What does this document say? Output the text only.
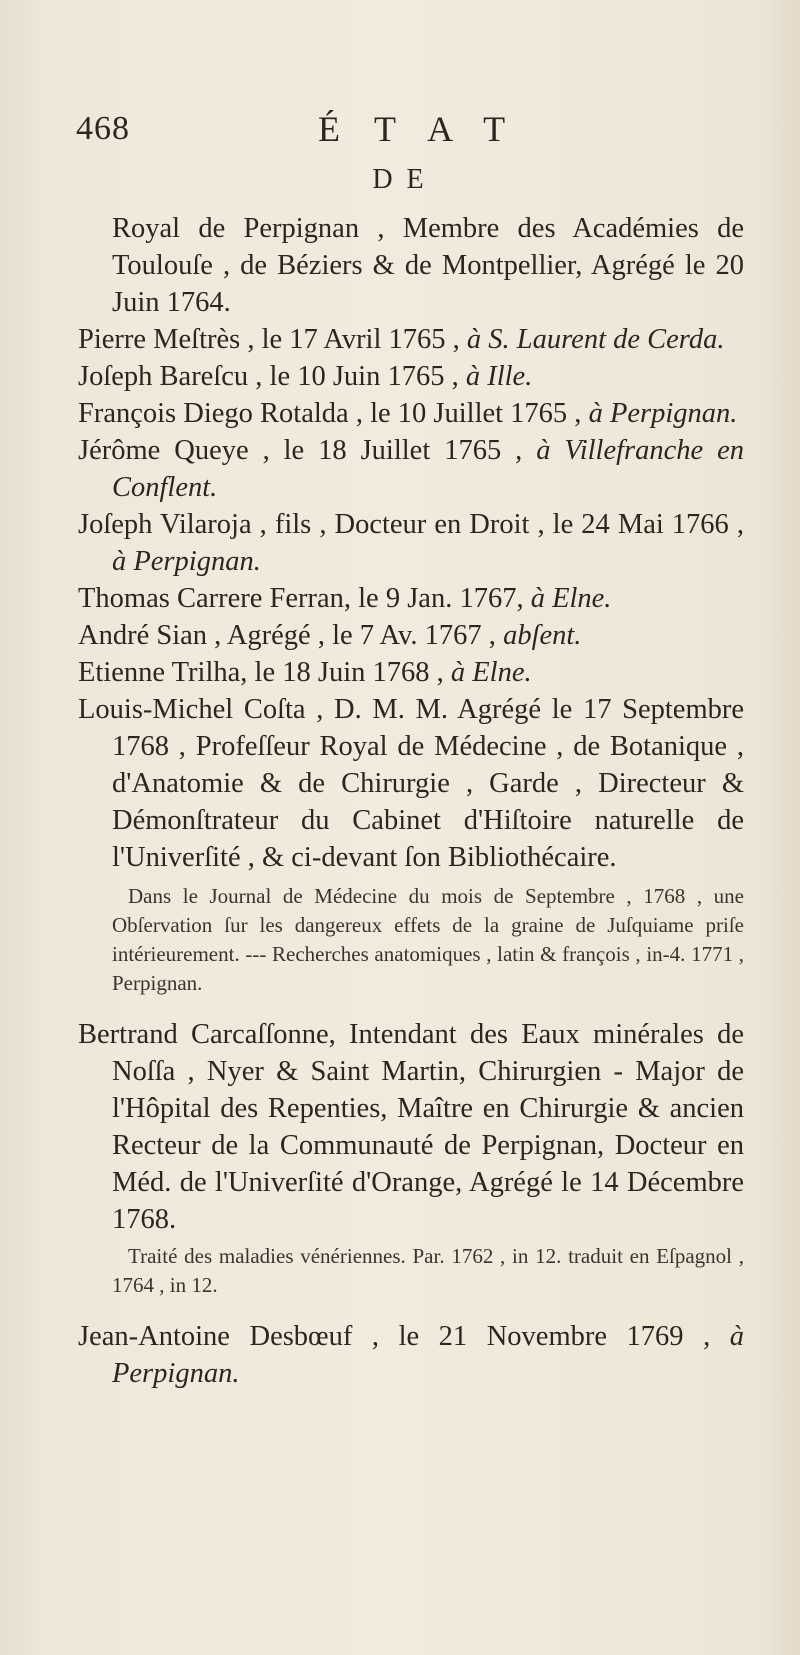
468	ÉTAT
DE

Royal de Perpignan , Membre des Académies de Toulouſe , de Béziers & de Montpellier, Agrégé le 20 Juin 1764.

Pierre Meſtrès , le 17 Avril 1765 , à S. Laurent de Cerda.

Joſeph Bareſcu , le 10 Juin 1765 , à Ille.

François Diego Rotalda , le 10 Juillet 1765 , à Perpignan.

Jérôme Queye , le 18 Juillet 1765 , à Villefranche en Conflent.

Joſeph Vilaroja , fils , Docteur en Droit , le 24 Mai 1766 , à Perpignan.

Thomas Carrere Ferran, le 9 Jan. 1767, à Elne.

André Sian , Agrégé , le 7 Av. 1767 , abſent.

Etienne Trilha, le 18 Juin 1768 , à Elne.

Louis-Michel Coſta , D. M. M. Agrégé le 17 Septembre 1768 , Profeſſeur Royal de Médecine , de Botanique , d'Anatomie & de Chirurgie , Garde , Directeur & Démonſtrateur du Cabinet d'Hiſtoire naturelle de l'Univerſité , & ci-devant ſon Bibliothécaire.

Dans le Journal de Médecine du mois de Septembre , 1768 , une Obſervation ſur les dangereux effets de la graine de Juſquiame priſe intérieurement. --- Recherches anatomiques , latin & françois , in-4. 1771 , Perpignan.

Bertrand Carcaſſonne, Intendant des Eaux minérales de Noſſa , Nyer & Saint Martin, Chirurgien - Major de l'Hôpital des Repenties, Maître en Chirurgie & ancien Recteur de la Communauté de Perpignan, Docteur en Méd. de l'Univerſité d'Orange, Agrégé le 14 Décembre 1768.

Traité des maladies vénériennes. Par. 1762 , in 12. traduit en Eſpagnol , 1764 , in 12.

Jean-Antoine Desbœuf , le 21 Novembre 1769 , à Perpignan.
